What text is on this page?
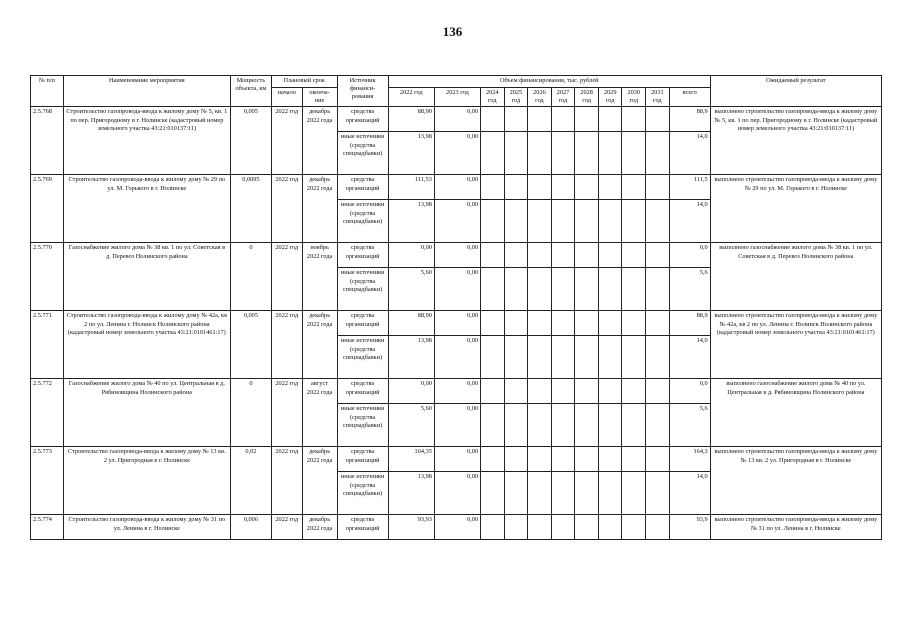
136
№ п/п	Наименование мероприятия	Мощность объекта, км	Плановый срок		Источник финанси-рования	Объем финансирования, тыс. рублей											Ожидаемый результат
			начало	оконча-ние		2022 год	2023 год	2024 год	2025 год	2026 год	2027 год	2028 год	2029 год	2030 год	2031 год	всего	
2.5.768	Строительство газопровода-ввода к жилому дому № 5, кв. 1 по пер. Пригородному в г. Нолинске (кадастровый номер земельного участка 43:21:010137:11)	0,005	2022 год	декабрь 2022 года	средства организаций	88,90	0,00									88,9	выполнено строительство газопровода-ввода к жилому дому № 5, кв. 1 по пер. Пригородному в г. Нолинске (кадастровый номер земельного участка 43:21:010137:11)
					иные источники (средства спецнадбавки)	13,98	0,00									14,0	
2.5.769	Строительство газопровода-ввода к жилому дому № 29 по ул. М. Горького в г. Нолинске	0,0095	2022 год	декабрь 2022 года	средства организаций	111,53	0,00									111,5	выполнено строительство газопровода-ввода к жилому дому № 29 по ул. М. Горького в г. Нолинске
					иные источники (средства спецнадбавки)	13,98	0,00									14,0	
2.5.770	Газоснабжение жилого дома № 38 кв. 1 по ул. Советская в д. Перевоз Нолинского района	0	2022 год	ноябрь 2022 года	средства организаций	0,00	0,00									0,0	выполнено газоснабжение жилого дома № 38 кв. 1 по ул. Советская в д. Перевоз Нолинского района
					иные источники (средства спецнадбавки)	5,60	0,00									5,6	
2.5.771	Строительство газопровода-ввода к жилому дому № 42а, кв 2 по ул. Ленина г. Нолинск Нолинского района (кадастровый номер земельного участка 43:21:0101461:17)	0,005	2022 год	декабрь 2022 года	средства организаций	88,90	0,00									88,9	выполнено строительство газопровода-ввода к жилому дому № 42а, кв 2 по ул. Ленина г. Нолинск Нолинского района (кадастровый номер земельного участка 43:21:0101461:17)
					иные источники (средства спецнадбавки)	13,98	0,00									14,0	
2.5.772	Газоснабжение жилого дома № 40 по ул. Центральная в д. Рябиновщина Нолинского района	0	2022 год	август 2022 года	средства организаций	0,00	0,00									0,0	выполнено газоснабжение жилого дома № 40 по ул. Центральная в д. Рябиновщина Нолинского района
					иные источники (средства спецнадбавки)	5,60	0,00									5,6	
2.5.773	Строительство газопровода-ввода к жилому дому № 13 кв. 2 ул. Пригородная в г. Нолинске	0,02	2022 год	декабрь 2022 года	средства организаций	164,35	0,00									164,3	выполнено строительство газопровода-ввода к жилому дому № 13 кв. 2 ул. Пригородная в г. Нолинске
					иные источники (средства спецнадбавки)	13,98	0,00									14,0	
2.5.774	Строительство газопровода-ввода к жилому дому № 31 по ул. Ленина в г. Нолинске	0,006	2022 год	декабрь 2022 года	средства организаций	93,93	0,00									93,9	выполнено строительство газопровода-ввода к жилому дому № 31 по ул. Ленина в г. Нолинске
